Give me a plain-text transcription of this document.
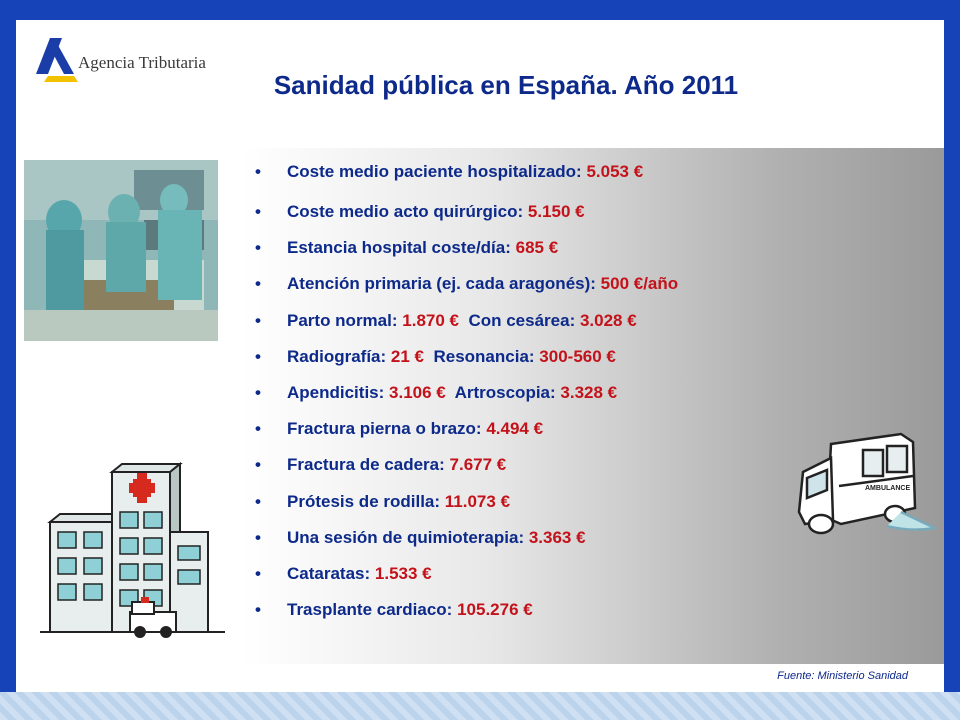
Agencia Tributaria
Sanidad pública en España. Año 2011
• Coste medio paciente hospitalizado: 5.053 €
• Coste medio acto quirúrgico: 5.150 €
• Estancia hospital coste/día: 685 €
• Atención primaria (ej. cada aragonés): 500 €/año
• Parto normal: 1.870 € Con cesárea: 3.028 €
• Radiografía: 21 € Resonancia: 300-560 €
• Apendicitis: 3.106 € Artroscopia: 3.328 €
• Fractura pierna o brazo: 4.494 €
• Fractura de cadera: 7.677 €
• Prótesis de rodilla: 11.073 €
• Una sesión de quimioterapia: 3.363 €
• Cataratas: 1.533 €
• Trasplante cardiaco: 105.276 €
AMBULANCE
Fuente: Ministerio Sanidad
